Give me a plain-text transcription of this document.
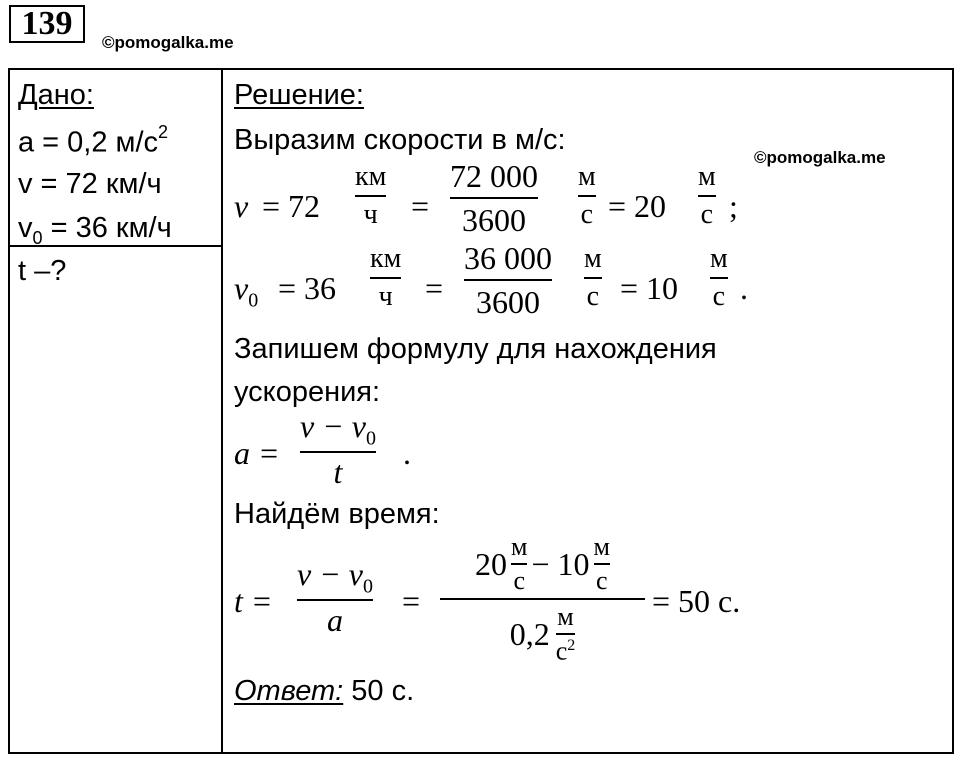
139
©pomogalka.me
©pomogalka.me
Дано:
a = 0,2 $м/с^2$
v = 72 км/ч
$v_0 = 36$ км/ч
t –?
Решение:
Выразим скорости в м/с:
v = 72
км
ч =
72 000
3600
м
с = 20
м
с ;
$v_0 = 36$
км
ч =
36 000
3600
м
с = 10
м
с .
Запишем формулу для нахождения
ускорения:
a =
$v - v_0$
t
.
Найдём время:
t =
$v - v_0$
a
=
$20 \frac{м}{с} - 10 \frac{м}{с}$
$0,2 \frac{м}{с^2}$
= 50 с.
Ответ: 50 с.
